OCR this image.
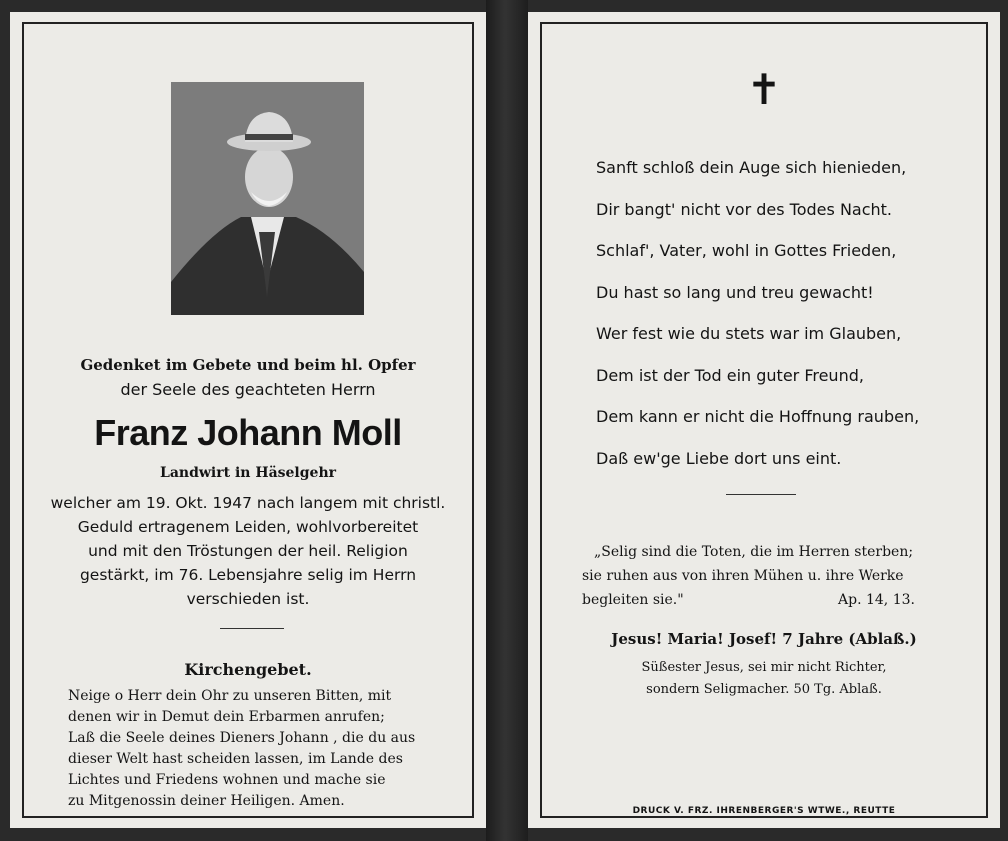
Gedenket im Gebete und beim hl. Opfer
der Seele des geachteten Herrn
Franz Johann Moll
Landwirt in Häselgehr
welcher am 19. Okt. 1947 nach langem mit christl.
Geduld ertragenem Leiden, wohlvorbereitet
und mit den Tröstungen der heil. Religion
gestärkt, im 76. Lebensjahre selig im Herrn
verschieden ist.
Kirchengebet.
Neige o Herr dein Ohr zu unseren Bitten, mit
denen wir in Demut dein Erbarmen anrufen;
Laß die Seele deines Dieners Johann , die du aus
dieser Welt hast scheiden lassen, im Lande des
Lichtes und Friedens wohnen und mache sie
zu Mitgenossin deiner Heiligen. Amen.
✝
Sanft schloß dein Auge sich hienieden,
Dir bangt' nicht vor des Todes Nacht.
Schlaf', Vater, wohl in Gottes Frieden,
Du hast so lang und treu gewacht!
Wer fest wie du stets war im Glauben,
Dem ist der Tod ein guter Freund,
Dem kann er nicht die Hoffnung rauben,
Daß ew'ge Liebe dort uns eint.
„Selig sind die Toten, die im Herren sterben;
sie ruhen aus von ihren Mühen u. ihre Werke
begleiten sie."	Ap. 14, 13.
Jesus! Maria! Josef! 7 Jahre (Ablaß.)
Süßester Jesus, sei mir nicht Richter,
sondern Seligmacher. 50 Tg. Ablaß.
DRUCK V. FRZ. IHRENBERGER'S WTWE., REUTTE
